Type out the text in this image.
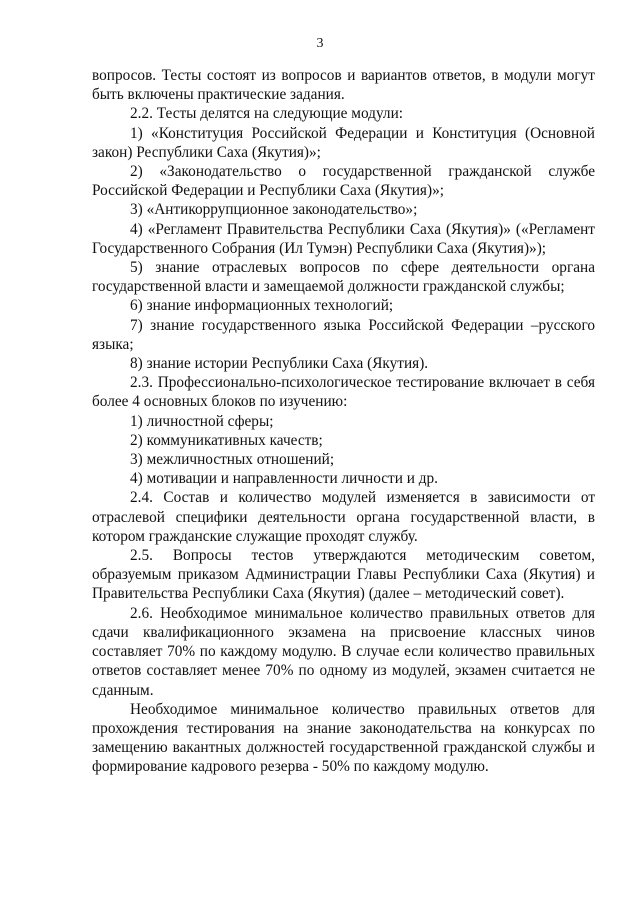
3

вопросов. Тесты состоят из вопросов и вариантов ответов, в модули могут быть включены практические задания.

2.2. Тесты делятся на следующие модули:

1) «Конституция Российской Федерации и Конституция (Основной закон) Республики Саха (Якутия)»;

2) «Законодательство о государственной гражданской службе Российской Федерации и Республики Саха (Якутия)»;

3) «Антикоррупционное законодательство»;

4) «Регламент Правительства Республики Саха (Якутия)» («Регламент Государственного Собрания (Ил Тумэн) Республики Саха (Якутия)»);

5) знание отраслевых вопросов по сфере деятельности органа государственной власти и замещаемой должности гражданской службы;

6) знание информационных технологий;

7) знание государственного языка Российской Федерации –русского языка;

8) знание истории Республики Саха (Якутия).

2.3. Профессионально-психологическое тестирование включает в себя более 4 основных блоков по изучению:

1) личностной сферы;

2) коммуникативных качеств;

3) межличностных отношений;

4) мотивации и направленности личности и др.

2.4. Состав и количество модулей изменяется в зависимости от отраслевой специфики деятельности органа государственной власти, в котором гражданские служащие проходят службу.

2.5. Вопросы тестов утверждаются методическим советом, образуемым приказом Администрации Главы Республики Саха (Якутия) и Правительства Республики Саха (Якутия) (далее – методический совет).

2.6. Необходимое минимальное количество правильных ответов для сдачи квалификационного экзамена на присвоение классных чинов составляет 70% по каждому модулю. В случае если количество правильных ответов составляет менее 70% по одному из модулей, экзамен считается не сданным.

Необходимое минимальное количество правильных ответов для прохождения тестирования на знание законодательства на конкурсах по замещению вакантных должностей государственной гражданской службы и формирование кадрового резерва - 50% по каждому модулю.
